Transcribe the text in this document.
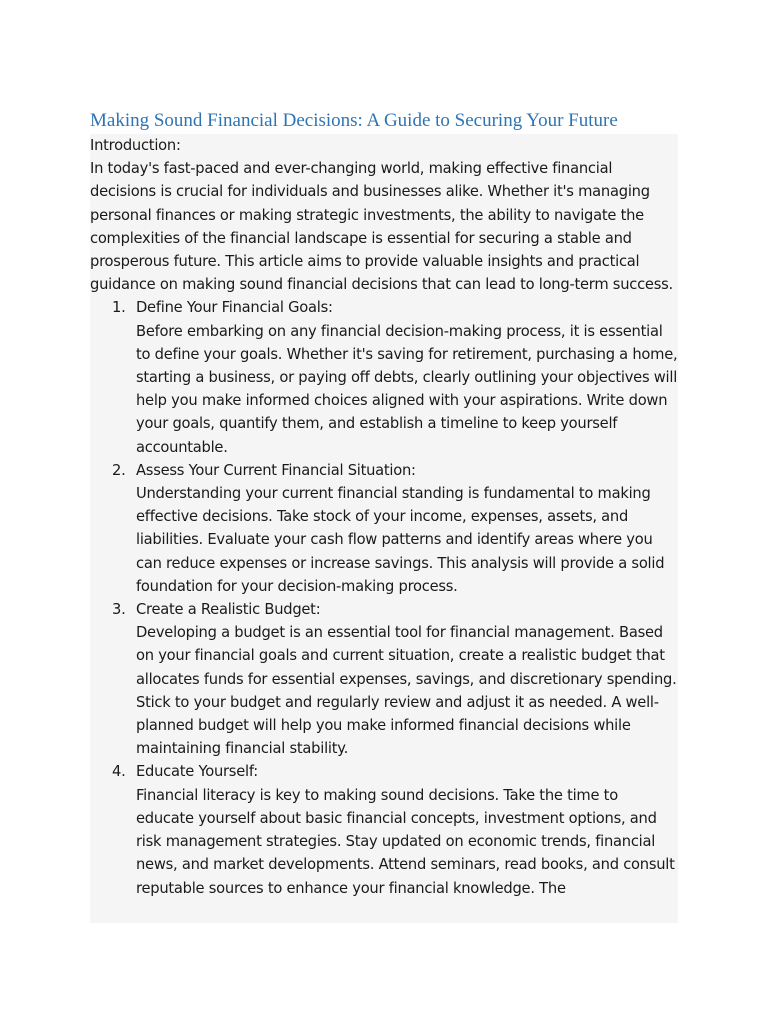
Making Sound Financial Decisions: A Guide to Securing Your Future
Introduction:
In today's fast-paced and ever-changing world, making effective financial decisions is crucial for individuals and businesses alike. Whether it's managing personal finances or making strategic investments, the ability to navigate the complexities of the financial landscape is essential for securing a stable and prosperous future. This article aims to provide valuable insights and practical guidance on making sound financial decisions that can lead to long-term success.
1. Define Your Financial Goals:
Before embarking on any financial decision-making process, it is essential to define your goals. Whether it's saving for retirement, purchasing a home, starting a business, or paying off debts, clearly outlining your objectives will help you make informed choices aligned with your aspirations. Write down your goals, quantify them, and establish a timeline to keep yourself accountable.
2. Assess Your Current Financial Situation:
Understanding your current financial standing is fundamental to making effective decisions. Take stock of your income, expenses, assets, and liabilities. Evaluate your cash flow patterns and identify areas where you can reduce expenses or increase savings. This analysis will provide a solid foundation for your decision-making process.
3. Create a Realistic Budget:
Developing a budget is an essential tool for financial management. Based on your financial goals and current situation, create a realistic budget that allocates funds for essential expenses, savings, and discretionary spending. Stick to your budget and regularly review and adjust it as needed. A well-planned budget will help you make informed financial decisions while maintaining financial stability.
4. Educate Yourself:
Financial literacy is key to making sound decisions. Take the time to educate yourself about basic financial concepts, investment options, and risk management strategies. Stay updated on economic trends, financial news, and market developments. Attend seminars, read books, and consult reputable sources to enhance your financial knowledge. The
